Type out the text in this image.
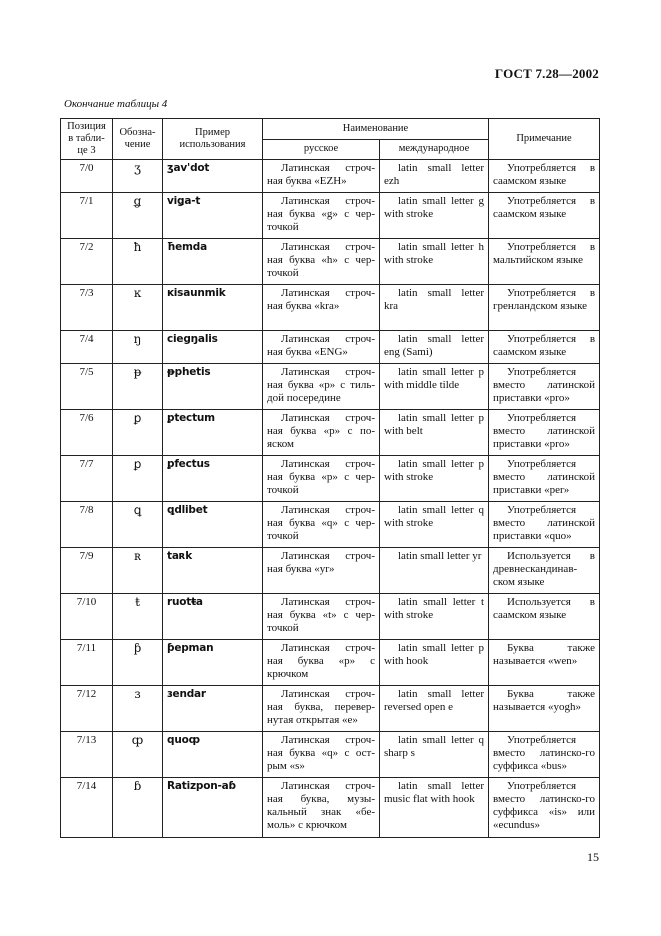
ГОСТ 7.28—2002
Окончание таблицы 4
Позиция в табли-це 3	Обозна-чение	Пример использования	Наименование		Примечание
			русское	международное	
7/0	ʒ	ʒav'dot	Латинская строч-ная буква «EZH»	latin small letter ezh	Употребляется в саамском языке
7/1	ǥ	viǥa-t	Латинская строч-ная буква «g» с чер-точкой	latin small letter g with stroke	Употребляется в саамском языке
7/2	ħ	ħemda	Латинская строч-ная буква «h» с чер-точкой	latin small letter h with stroke	Употребляется в мальтийском языке
7/3	ĸ	ĸisaunmik	Латинская строч-ная буква «kra»	latin small letter kra	Употребляется в гренландском языке
7/4	ŋ	ciegŋalis	Латинская строч-ная буква «ENG»	latin small letter eng (Sami)	Употребляется в саамском языке
7/5	ᵽ	ᵽphetis	Латинская строч-ная буква «p» с тиль-дой посередине	latin small letter p with middle tilde	Употребляется вместо латинской приставки «pro»
7/6	ꝑ	ꝑtectum	Латинская строч-ная буква «p» с по-яском	latin small letter p with belt	Употребляется вместо латинской приставки «pro»
7/7	ꝑ	ꝑfectus	Латинская строч-ная буква «p» с чер-точкой	latin small letter p with stroke	Употребляется вместо латинской приставки «per»
7/8	ꝗ	ꝗdlibet	Латинская строч-ная буква «q» с чер-точкой	latin small letter q with stroke	Употребляется вместо латинской приставки «quo»
7/9	ʀ	taʀk	Латинская строч-ная буква «yr»	latin small letter yr	Используется в древнескандинав-ском языке
7/10	ŧ	ruotŧa	Латинская строч-ная буква «t» с чер-точкой	latin small letter t with stroke	Используется в саамском языке
7/11	ƥ	ƥepman	Латинская строч-ная буква «p» с крючком	latin small letter p with hook	Буква также называется «wen»
7/12	ɜ	ɜendar	Латинская строч-ная буква, перевер-нутая открытая «e»	latin small letter reversed open e	Буква также называется «yogh»
7/13	ȹ	quoȹ	Латинская строч-ная буква «q» с ост-рым «s»	latin small letter q sharp s	Употребляется вместо латинско-го суффикса «bus»
7/14	ɓ	Ratizpon-aɓ	Латинская строч-ная буква, музы-кальный знак «бе-моль» с крючком	latin small letter music flat with hook	Употребляется вместо латинско-го суффикса «is» или «ecundus»
15
